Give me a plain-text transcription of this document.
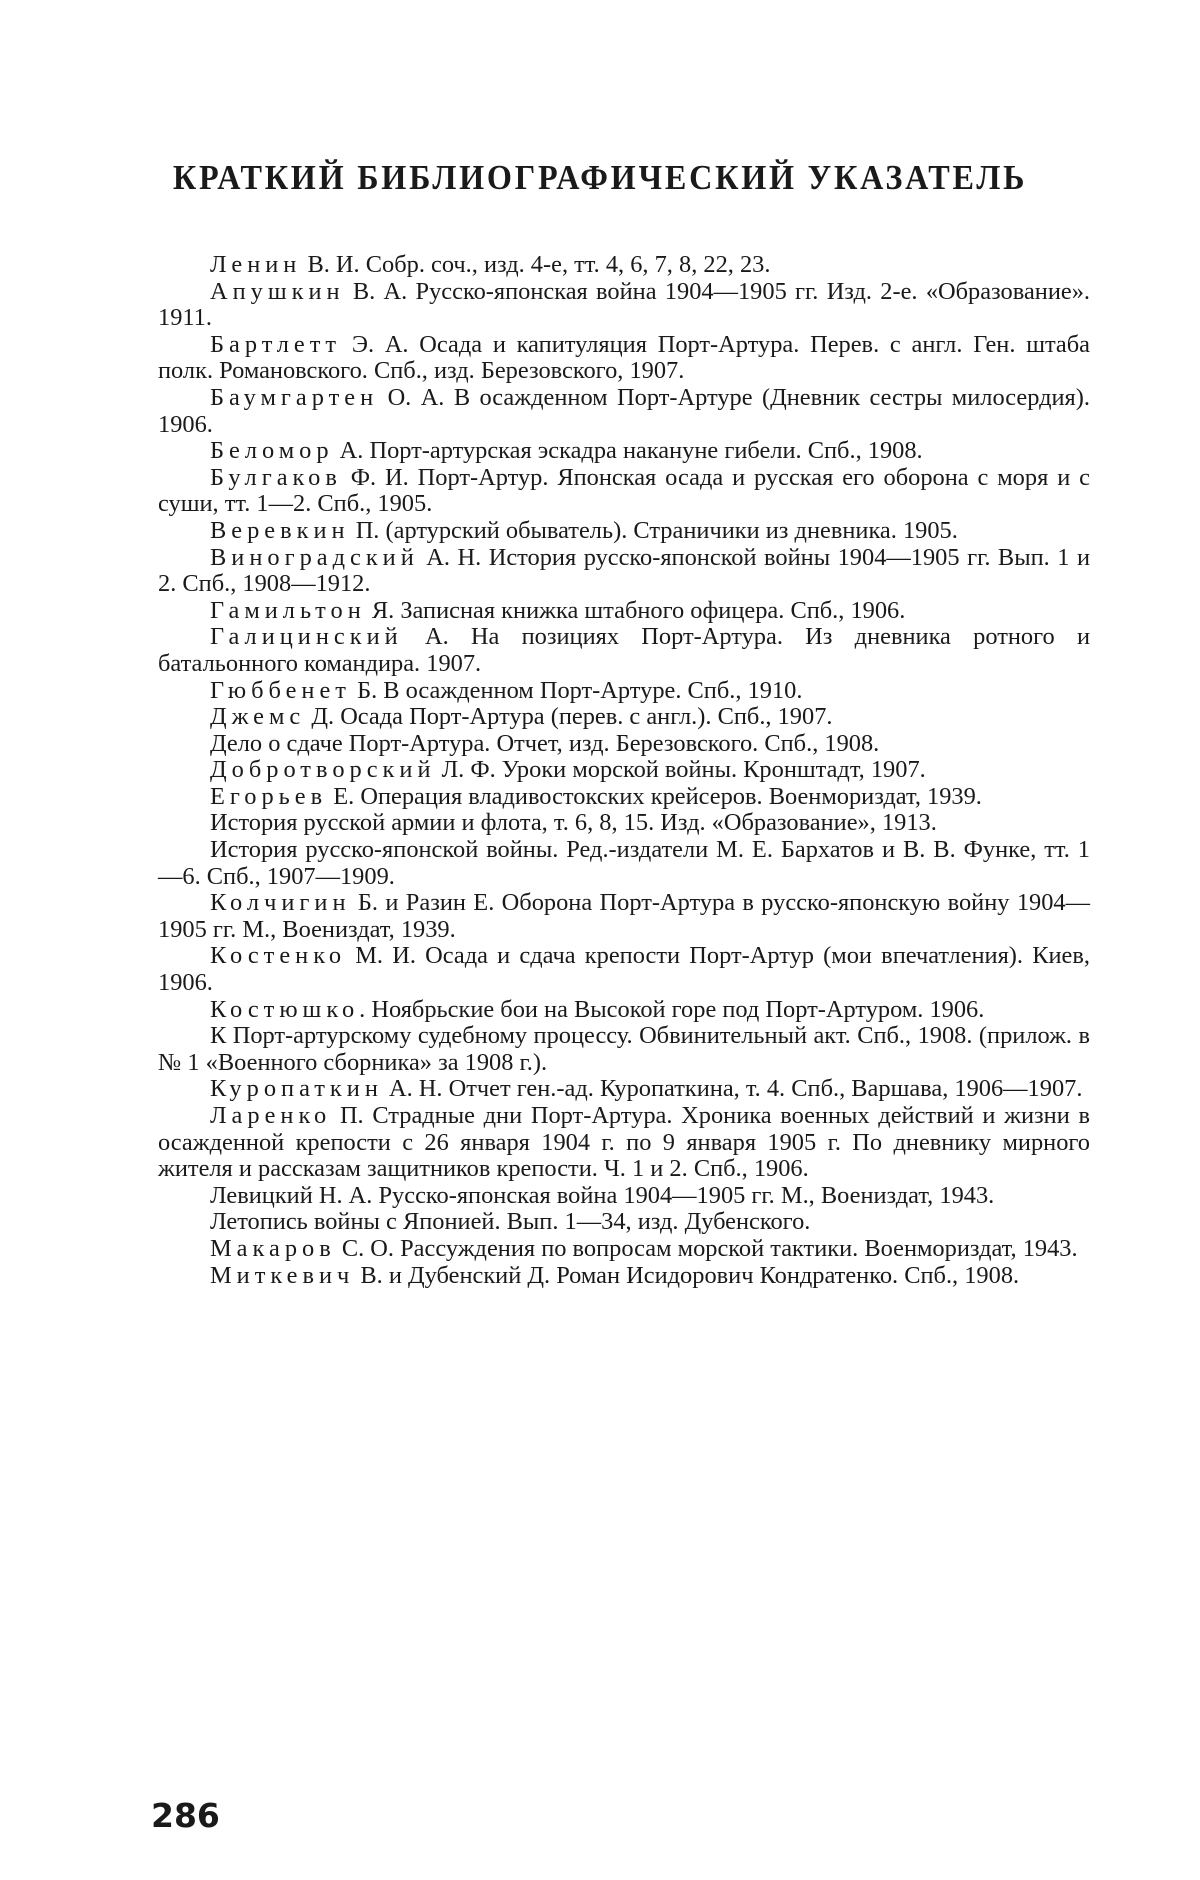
КРАТКИЙ БИБЛИОГРАФИЧЕСКИЙ УКАЗАТЕЛЬ
Ленин В. И. Собр. соч., изд. 4-е, тт. 4, 6, 7, 8, 22, 23.
Апушкин В. А. Русско-японская война 1904—1905 гг. Изд. 2-е. «Образование». 1911.
Бартлетт Э. А. Осада и капитуляция Порт-Артура. Перев. с англ. Ген. штаба полк. Романовского. Спб., изд. Березовского, 1907.
Баумгартен О. А. В осажденном Порт-Артуре (Дневник сестры милосердия). 1906.
Беломор А. Порт-артурская эскадра накануне гибели. Спб., 1908.
Булгаков Ф. И. Порт-Артур. Японская осада и русская его оборона с моря и с суши, тт. 1—2. Спб., 1905.
Веревкин П. (артурский обыватель). Страничики из дневника. 1905.
Виноградский А. Н. История русско-японской войны 1904—1905 гг. Вып. 1 и 2. Спб., 1908—1912.
Гамильтон Я. Записная книжка штабного офицера. Спб., 1906.
Галицинский А. На позициях Порт-Артура. Из дневника ротного и батальонного командира. 1907.
Гюббенет Б. В осажденном Порт-Артуре. Спб., 1910.
Джемс Д. Осада Порт-Артура (перев. с англ.). Спб., 1907.
Дело о сдаче Порт-Артура. Отчет, изд. Березовского. Спб., 1908.
Добротворский Л. Ф. Уроки морской войны. Кронштадт, 1907.
Егорьев Е. Операция владивостокских крейсеров. Военмориздат, 1939.
История русской армии и флота, т. 6, 8, 15. Изд. «Образование», 1913.
История русско-японской войны. Ред.-издатели М. Е. Бархатов и В. В. Функе, тт. 1—6. Спб., 1907—1909.
Колчигин Б. и Разин Е. Оборона Порт-Артура в русско-японскую войну 1904—1905 гг. М., Воениздат, 1939.
Костенко М. И. Осада и сдача крепости Порт-Артур (мои впечатления). Киев, 1906.
Костюшко. Ноябрьские бои на Высокой горе под Порт-Артуром. 1906.
К Порт-артурскому судебному процессу. Обвинительный акт. Спб., 1908. (прилож. в № 1 «Военного сборника» за 1908 г.).
Куропаткин А. Н. Отчет ген.-ад. Куропаткина, т. 4. Спб., Варшава, 1906—1907.
Ларенко П. Страдные дни Порт-Артура. Хроника военных действий и жизни в осажденной крепости с 26 января 1904 г. по 9 января 1905 г. По дневнику мирного жителя и рассказам защитников крепости. Ч. 1 и 2. Спб., 1906.
Левицкий Н. А. Русско-японская война 1904—1905 гг. М., Воениздат, 1943.
Летопись войны с Японией. Вып. 1—34, изд. Дубенского.
Макаров С. О. Рассуждения по вопросам морской тактики. Военмориздат, 1943.
Миткевич В. и Дубенский Д. Роман Исидорович Кондратенко. Спб., 1908.
286
